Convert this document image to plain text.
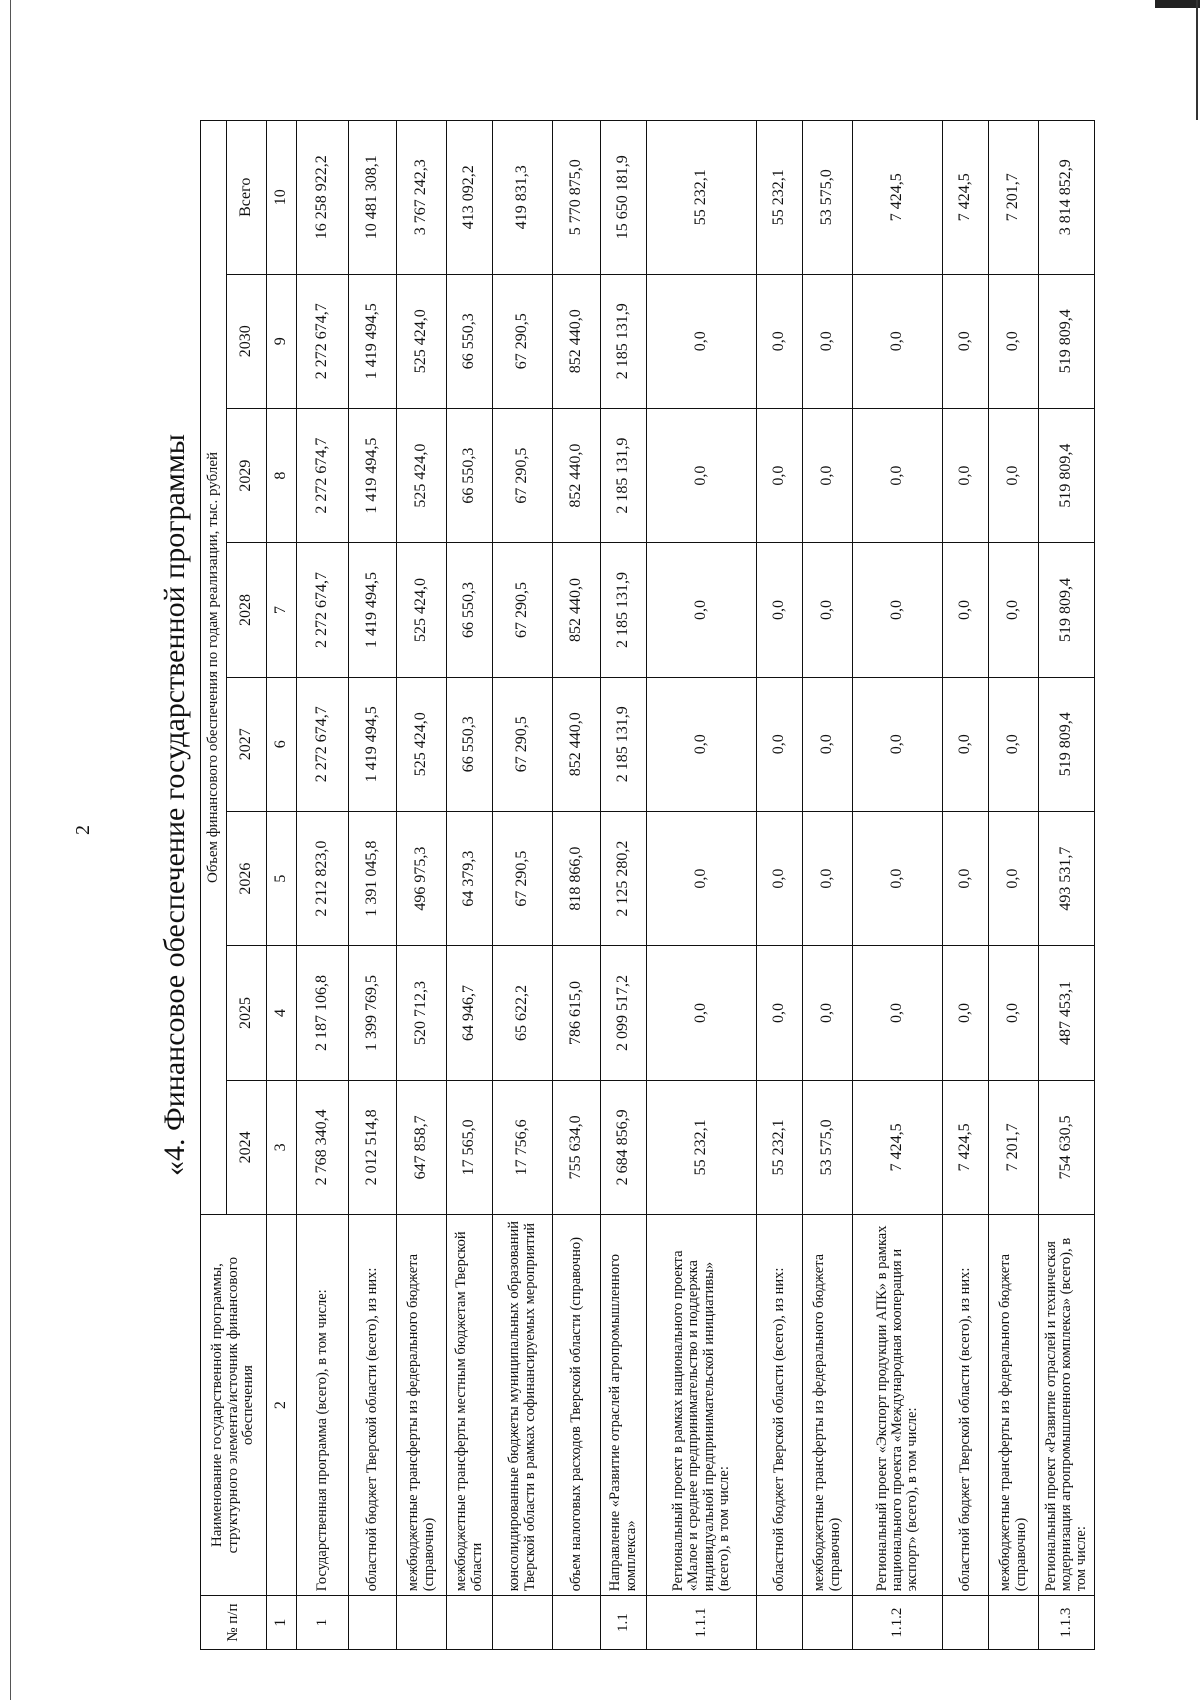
2 «4. Финансовое обеспечение государственной программы
№ п/п	Наименование государственной программы, структурного элемента/источник финансового обеспечения	Объем финансового обеспечения по годам реализации, тыс. рублей							
		2024	2025	2026	2027	2028	2029	2030	Всего
1	2	3	4	5	6	7	8	9	10
1	Государственная программа (всего), в том числе:	2 768 340,4	2 187 106,8	2 212 823,0	2 272 674,7	2 272 674,7	2 272 674,7	2 272 674,7	16 258 922,2
	областной бюджет Тверской области (всего), из них:	2 012 514,8	1 399 769,5	1 391 045,8	1 419 494,5	1 419 494,5	1 419 494,5	1 419 494,5	10 481 308,1
	межбюджетные трансферты из федерального бюджета (справочно)	647 858,7	520 712,3	496 975,3	525 424,0	525 424,0	525 424,0	525 424,0	3 767 242,3
	межбюджетные трансферты местным бюджетам Тверской области	17 565,0	64 946,7	64 379,3	66 550,3	66 550,3	66 550,3	66 550,3	413 092,2
	консолидированные бюджеты муниципальных образований Тверской области в рамках софинансируемых мероприятий	17 756,6	65 622,2	67 290,5	67 290,5	67 290,5	67 290,5	67 290,5	419 831,3
	объем налоговых расходов Тверской области (справочно)	755 634,0	786 615,0	818 866,0	852 440,0	852 440,0	852 440,0	852 440,0	5 770 875,0
1.1	Направление «Развитие отраслей агропромышленного комплекса»	2 684 856,9	2 099 517,2	2 125 280,2	2 185 131,9	2 185 131,9	2 185 131,9	2 185 131,9	15 650 181,9
1.1.1	Региональный проект в рамках национального проекта «Малое и среднее предпринимательство и поддержка индивидуальной предпринимательской инициативы» (всего), в том числе:	55 232,1	0,0	0,0	0,0	0,0	0,0	0,0	55 232,1
	областной бюджет Тверской области (всего), из них:	55 232,1	0,0	0,0	0,0	0,0	0,0	0,0	55 232,1
	межбюджетные трансферты из федерального бюджета (справочно)	53 575,0	0,0	0,0	0,0	0,0	0,0	0,0	53 575,0
1.1.2	Региональный проект «Экспорт продукции АПК» в рамках национального проекта «Международная кооперация и экспорт» (всего), в том числе:	7 424,5	0,0	0,0	0,0	0,0	0,0	0,0	7 424,5
	областной бюджет Тверской области (всего), из них:	7 424,5	0,0	0,0	0,0	0,0	0,0	0,0	7 424,5
	межбюджетные трансферты из федерального бюджета (справочно)	7 201,7	0,0	0,0	0,0	0,0	0,0	0,0	7 201,7
1.1.3	Региональный проект «Развитие отраслей и техническая модернизация агропромышленного комплекса» (всего), в том числе:	754 630,5	487 453,1	493 531,7	519 809,4	519 809,4	519 809,4	519 809,4	3 814 852,9
